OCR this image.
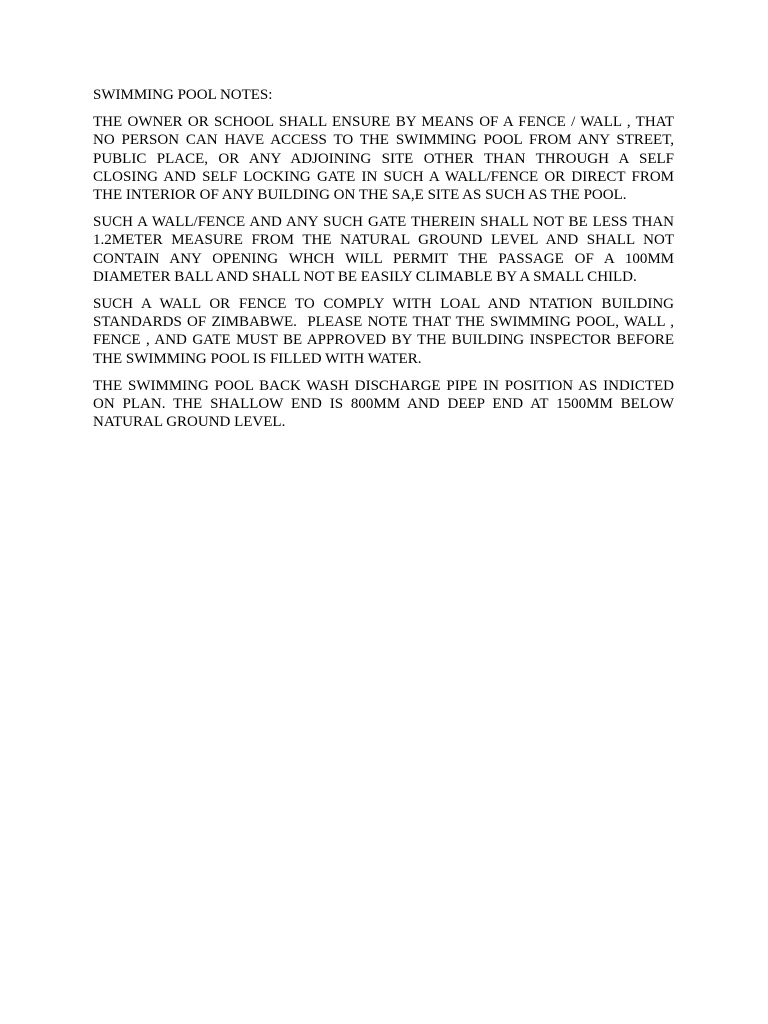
SWIMMING POOL NOTES:

THE OWNER OR SCHOOL SHALL ENSURE BY MEANS OF A FENCE / WALL , THAT NO PERSON CAN HAVE ACCESS TO THE SWIMMING POOL FROM ANY STREET, PUBLIC PLACE, OR ANY ADJOINING SITE OTHER THAN THROUGH A SELF CLOSING AND SELF LOCKING GATE IN SUCH A WALL/FENCE OR DIRECT FROM THE INTERIOR OF ANY BUILDING ON THE SA,E SITE AS SUCH AS THE POOL.

SUCH A WALL/FENCE AND ANY SUCH GATE THEREIN SHALL NOT BE LESS THAN 1.2METER MEASURE FROM THE NATURAL GROUND LEVEL AND SHALL NOT CONTAIN ANY OPENING WHCH WILL PERMIT THE PASSAGE OF A 100MM DIAMETER BALL AND SHALL NOT BE EASILY CLIMABLE BY A SMALL CHILD.

SUCH A WALL OR FENCE TO COMPLY WITH LOAL AND NTATION BUILDING STANDARDS OF ZIMBABWE.  PLEASE NOTE THAT THE SWIMMING POOL, WALL , FENCE , AND GATE MUST BE APPROVED BY THE BUILDING INSPECTOR BEFORE THE SWIMMING POOL IS FILLED WITH WATER.

THE SWIMMING POOL BACK WASH DISCHARGE PIPE IN POSITION AS INDICTED ON PLAN. THE SHALLOW END IS 800MM AND DEEP END AT 1500MM BELOW NATURAL GROUND LEVEL.
